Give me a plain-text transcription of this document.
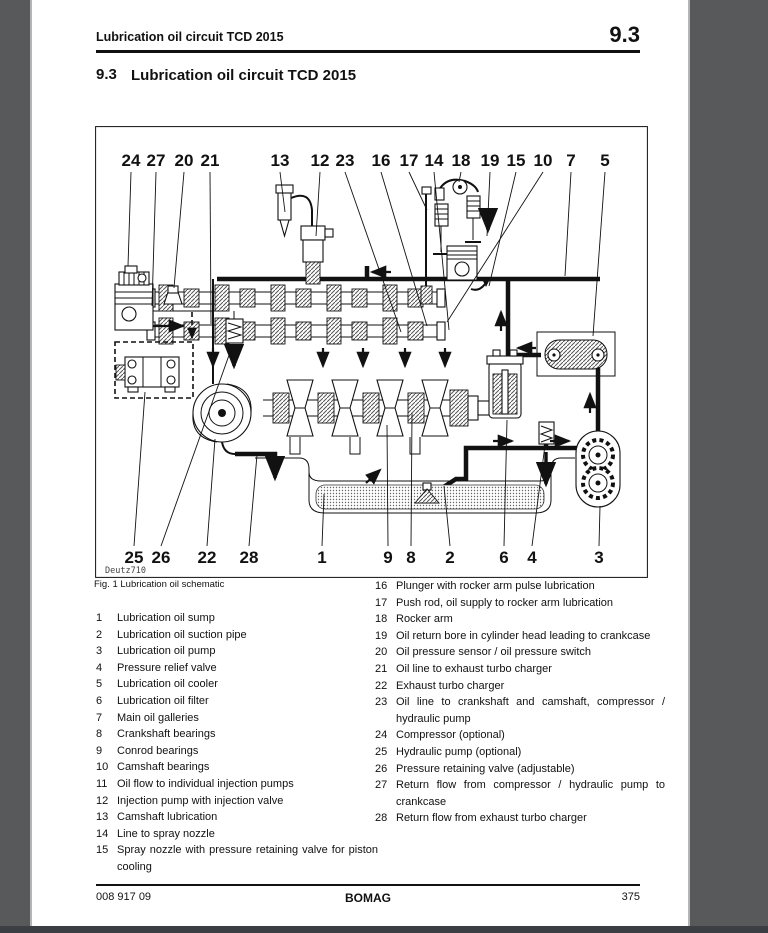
Lubrication oil circuit TCD 2015	9.3
9.3 Lubrication oil circuit TCD 2015
Deutz710
24 27 20 21	13 12 23 16 17 14 18 19 15 10 7 5
25 26 22 28	1	9 8 2	6 4	3
Fig. 1 Lubrication oil schematic
1	Lubrication oil sump
2	Lubrication oil suction pipe
3	Lubrication oil pump
4	Pressure relief valve
5	Lubrication oil cooler
6	Lubrication oil filter
7	Main oil galleries
8	Crankshaft bearings
9	Conrod bearings
10 Camshaft bearings
11 Oil flow to individual injection pumps
12 Injection pump with injection valve
13 Camshaft lubrication
14 Line to spray nozzle
15 Spray nozzle with pressure retaining valve for piston cooling
16 Plunger with rocker arm pulse lubrication
17 Push rod, oil supply to rocker arm lubrication
18 Rocker arm
19 Oil return bore in cylinder head leading to crankcase
20 Oil pressure sensor / oil pressure switch
21 Oil line to exhaust turbo charger
22 Exhaust turbo charger
23 Oil line to crankshaft and camshaft, compressor / hydraulic pump
24 Compressor (optional)
25 Hydraulic pump (optional)
26 Pressure retaining valve (adjustable)
27 Return flow from compressor / hydraulic pump to crankcase
28 Return flow from exhaust turbo charger
008 917 09	BOMAG	375
